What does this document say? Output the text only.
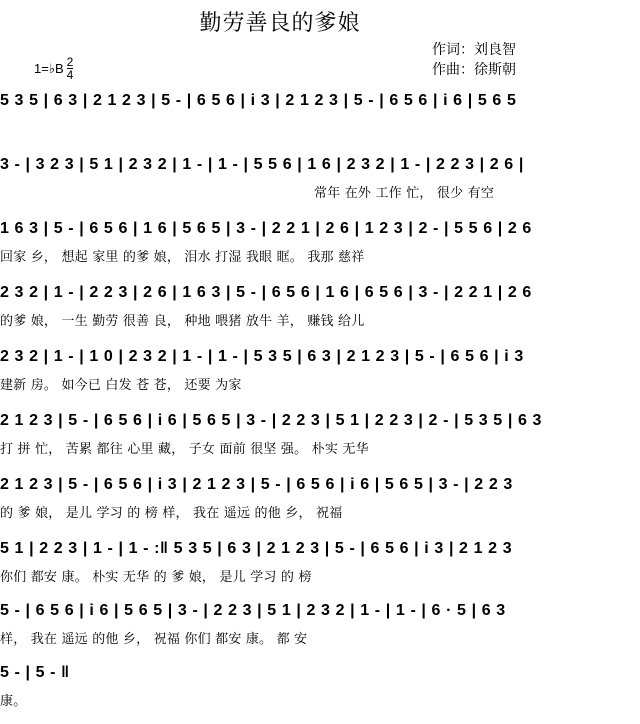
勤劳善良的爹娘
1=♭B $\frac{2}{4}$
作词：刘良智
作曲：徐斯朝
5 3 5 | 6 3 | 2 1 2 3 | 5 - | 6 5 6 | i 3 | 2 1 2 3 | 5 - | 6 5 6 | i 6 | 5 6 5
3 - | 3 2 3 | 5 1 | 2 3 2 | 1 - | 1 - | 5 5 6 | 1 6 | 2 3 2 | 1 - | 2 2 3 | 2 6 |
常年 在外 工作 忙， 很少 有空
1 6 3 | 5 - | 6 5 6 | 1 6 | 5 6 5 | 3 - | 2 2 1 | 2 6 | 1 2 3 | 2 - | 5 5 6 | 2 6
回家 乡， 想起 家里 的爹 娘， 泪水 打湿 我眼 眶。 我那 慈祥
2 3 2 | 1 - | 2 2 3 | 2 6 | 1 6 3 | 5 - | 6 5 6 | 1 6 | 6 5 6 | 3 - | 2 2 1 | 2 6
的爹 娘， 一生 勤劳 很善 良， 种地 喂猪 放牛 羊， 赚钱 给儿
2 3 2 | 1 - | 1 0 | 2 3 2 | 1 - | 1 - | 5 3 5 | 6 3 | 2 1 2 3 | 5 - | 6 5 6 | i 3
建新 房。 如今已 白发 苍 苍， 还要 为家
2 1 2 3 | 5 - | 6 5 6 | i 6 | 5 6 5 | 3 - | 2 2 3 | 5 1 | 2 2 3 | 2 - | 5 3 5 | 6 3
打 拼 忙， 苦累 都往 心里 藏， 子女 面前 很坚 强。 朴实 无华
2 1 2 3 | 5 - | 6 5 6 | i 3 | 2 1 2 3 | 5 - | 6 5 6 | i 6 | 5 6 5 | 3 - | 2 2 3
的 爹 娘， 是儿 学习 的 榜 样， 我在 遥远 的他 乡， 祝福
5 1 | 2 2 3 | 1 - | 1 - :‖ 5 3 5 | 6 3 | 2 1 2 3 | 5 - | 6 5 6 | i 3 | 2 1 2 3
你们 都安 康。 朴实 无华 的 爹 娘， 是儿 学习 的 榜
5 - | 6 5 6 | i 6 | 5 6 5 | 3 - | 2 2 3 | 5 1 | 2 3 2 | 1 - | 1 - | 6 · 5 | 6 3
样， 我在 遥远 的他 乡， 祝福 你们 都安 康。 都 安
5 - | 5 - ‖
康。
